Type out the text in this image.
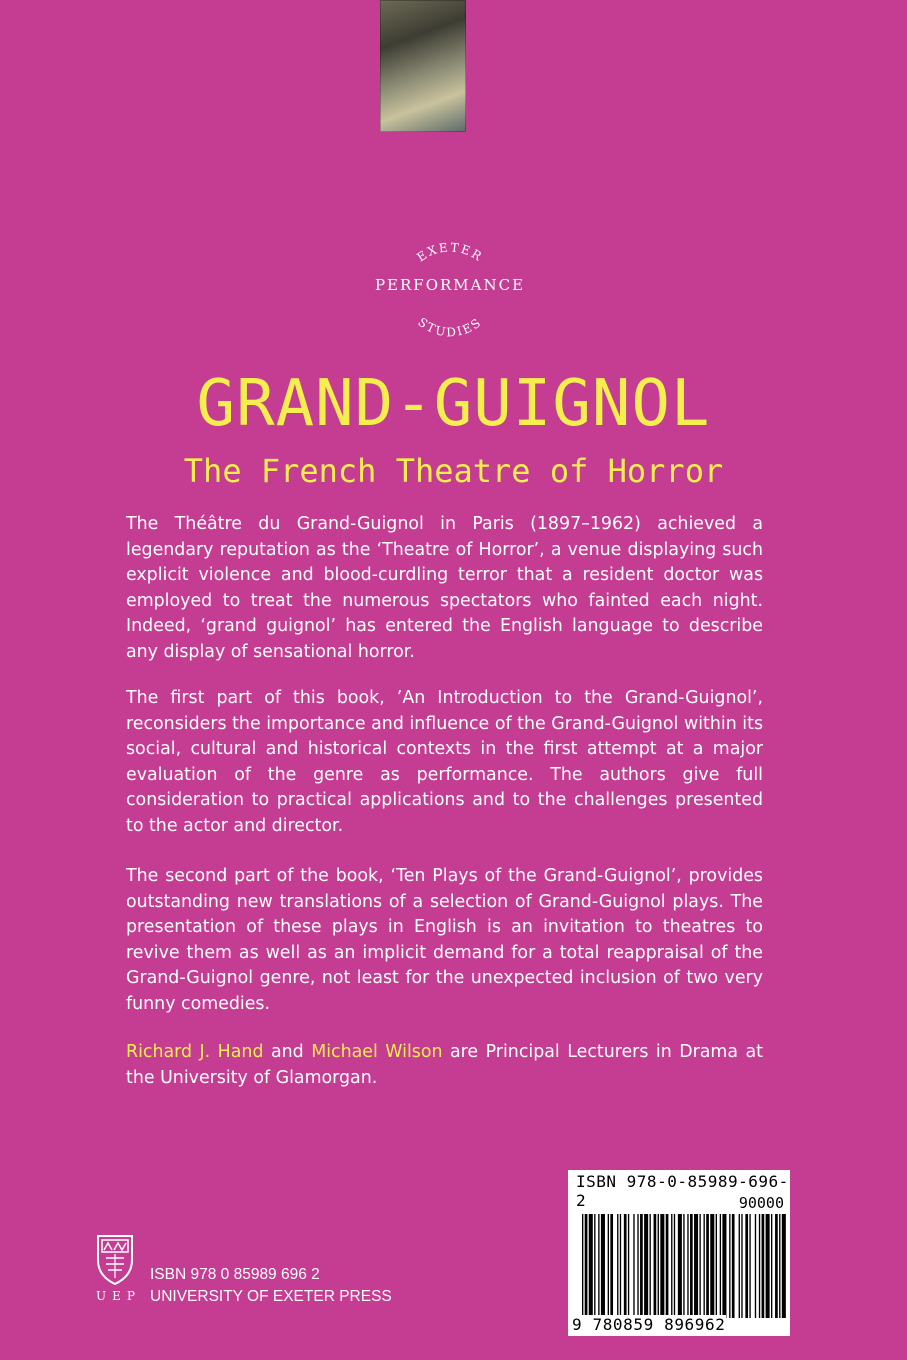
EXETER
PERFORMANCE
STUDIES
GRAND-GUIGNOL
The French Theatre of Horror

The Théâtre du Grand-Guignol in Paris (1897–1962) achieved a legendary reputation as the ‘Theatre of Horror’, a venue displaying such explicit violence and blood-curdling terror that a resident doctor was employed to treat the numerous spectators who fainted each night. Indeed, ‘grand guignol’ has entered the English language to describe any display of sensational horror.

The first part of this book, ’An Introduction to the Grand-Guignol’, reconsiders the importance and influence of the Grand-Guignol within its social, cultural and historical contexts in the first attempt at a major evaluation of the genre as performance. The authors give full consideration to practical applications and to the challenges presented to the actor and director.

The second part of the book, ‘Ten Plays of the Grand-Guignol’, provides outstanding new translations of a selection of Grand-Guignol plays. The presentation of these plays in English is an invitation to theatres to revive them as well as an implicit demand for a total reappraisal of the Grand-Guignol genre, not least for the unexpected inclusion of two very funny comedies.

Richard J. Hand and Michael Wilson are Principal Lecturers in Drama at the University of Glamorgan.

UEP
ISBN 978 0 85989 696 2
UNIVERSITY OF EXETER PRESS
ISBN 978-0-85989-696-2	90000
9 780859 896962
